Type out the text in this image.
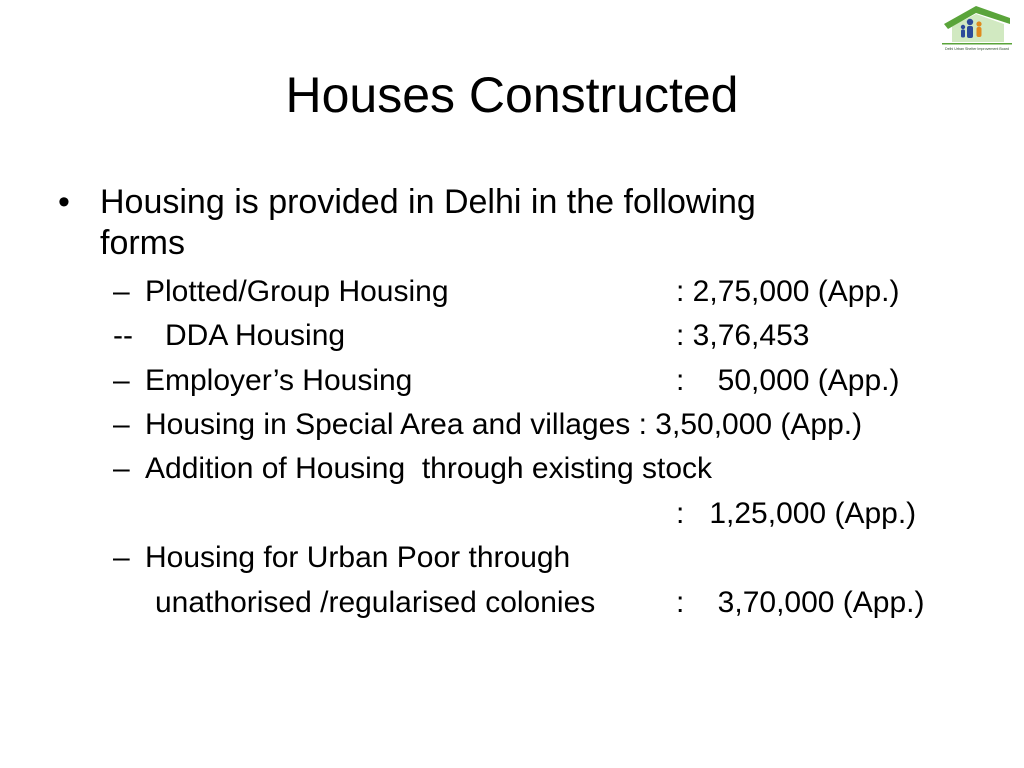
Delhi Urban Shelter Improvement Board
Houses Constructed
• Housing is provided in Delhi in the following
forms
– Plotted/Group Housing	: 2,75,000 (App.)
-- DDA Housing	: 3,76,453
– Employer’s Housing	:    50,000 (App.)
– Housing in Special Area and villages : 3,50,000 (App.)
– Addition of Housing  through existing stock
:   1,25,000 (App.)
– Housing for Urban Poor through
unathorised /regularised colonies	:    3,70,000 (App.)
